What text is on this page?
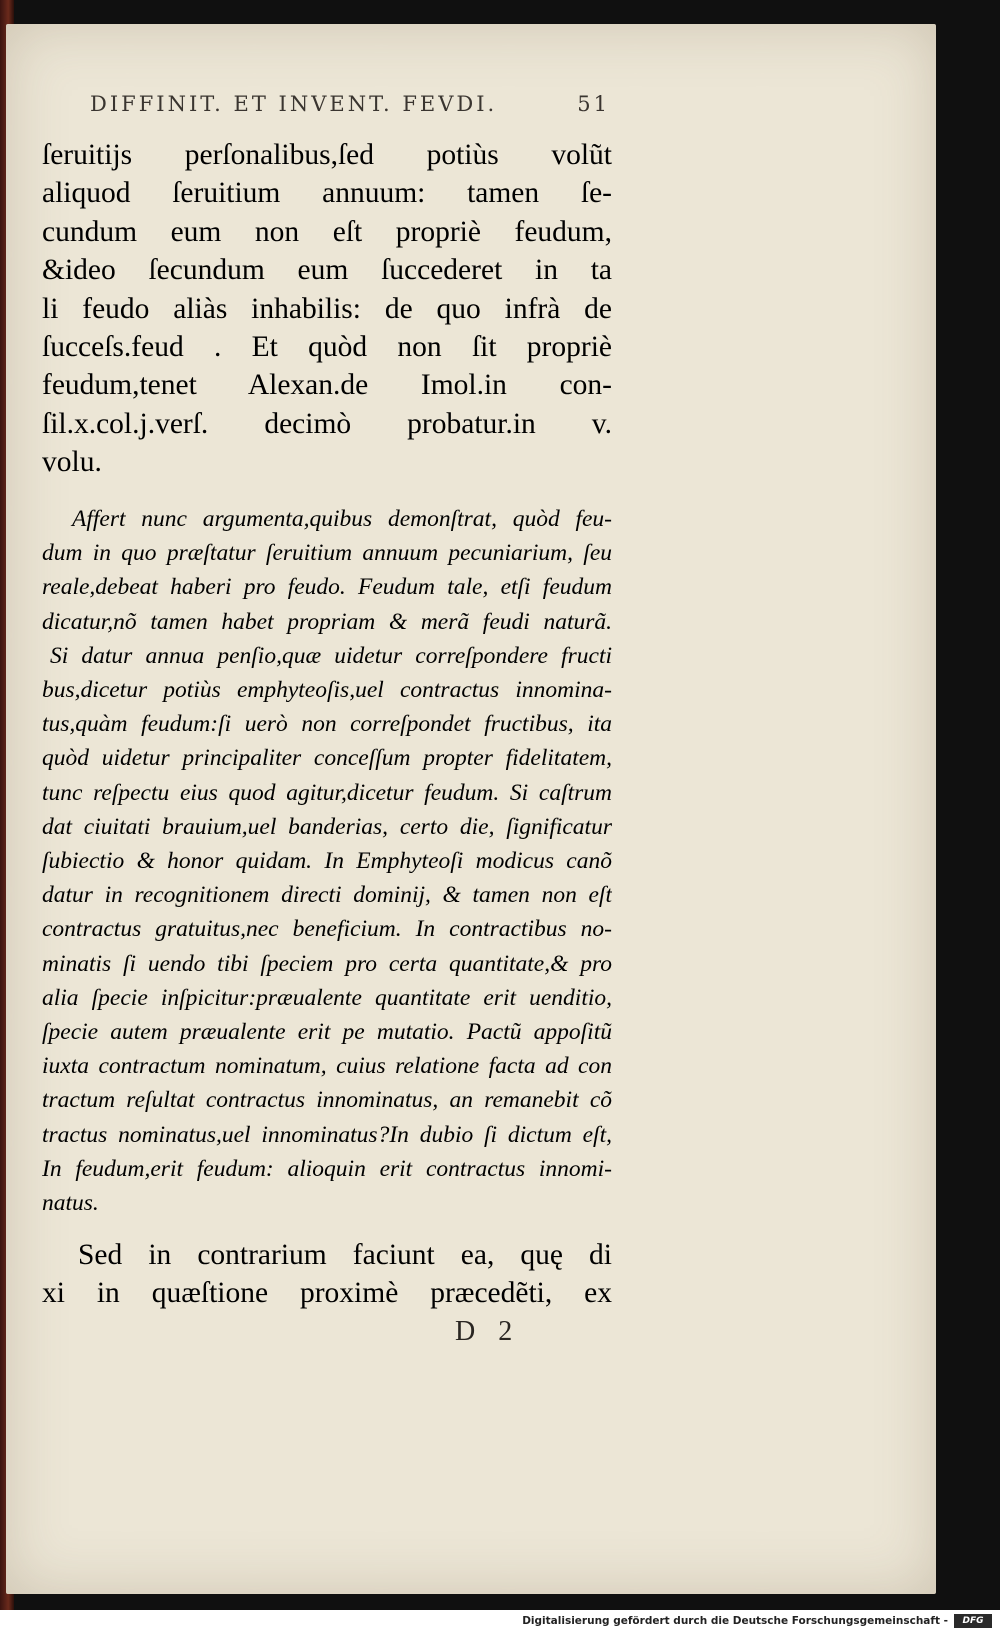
DIFFINIT. ET INVENT. FEVDI.	51
ſeruitijs perſonalibus,ſed potiùs volũt
aliquod ſeruitium annuum: tamen ſe-
cundum eum non eſt propriè feudum,
&ideo ſecundum eum ſuccederet in ta
li feudo aliàs inhabilis: de quo infrà de
ſucceſs.feud . Et quòd non ſit propriè
feudum,tenet Alexan.de Imol.in con-
ſil.x.col.j.verſ. decimò probatur.in v.
volu.
Affert nunc argumenta,quibus demonſtrat, quòd feu-
dum in quo præſtatur ſeruitium annuum pecuniarium, ſeu
reale,debeat haberi pro feudo. Feudum tale, etſi feudum
dicatur,nõ tamen habet propriam & merã feudi naturã.
Si datur annua penſio,quæ uidetur correſpondere fructi
bus,dicetur potiùs emphyteoſis,uel contractus innomina-
tus,quàm feudum:ſi uerò non correſpondet fructibus, ita
quòd uidetur principaliter conceſſum propter fidelitatem,
tunc reſpectu eius quod agitur,dicetur feudum. Si caſtrum
dat ciuitati brauium,uel banderias, certo die, ſignificatur
ſubiectio & honor quidam. In Emphyteoſi modicus canõ
datur in recognitionem directi dominij, & tamen non eſt
contractus gratuitus,nec beneficium. In contractibus no-
minatis ſi uendo tibi ſpeciem pro certa quantitate,& pro
alia ſpecie inſpicitur:præualente quantitate erit uenditio,
ſpecie autem præualente erit pe mutatio. Pactũ appoſitũ
iuxta contractum nominatum, cuius relatione facta ad con
tractum reſultat contractus innominatus, an remanebit cõ
tractus nominatus,uel innominatus?In dubio ſi dictum eſt,
In feudum,erit feudum: alioquin erit contractus innomi-
natus.
Sed in contrarium faciunt ea, quę di
xi in quæſtione proximè præcedẽti, ex
D 2
Digitalisierung gefördert durch die Deutsche Forschungsgemeinschaft -	DFG
